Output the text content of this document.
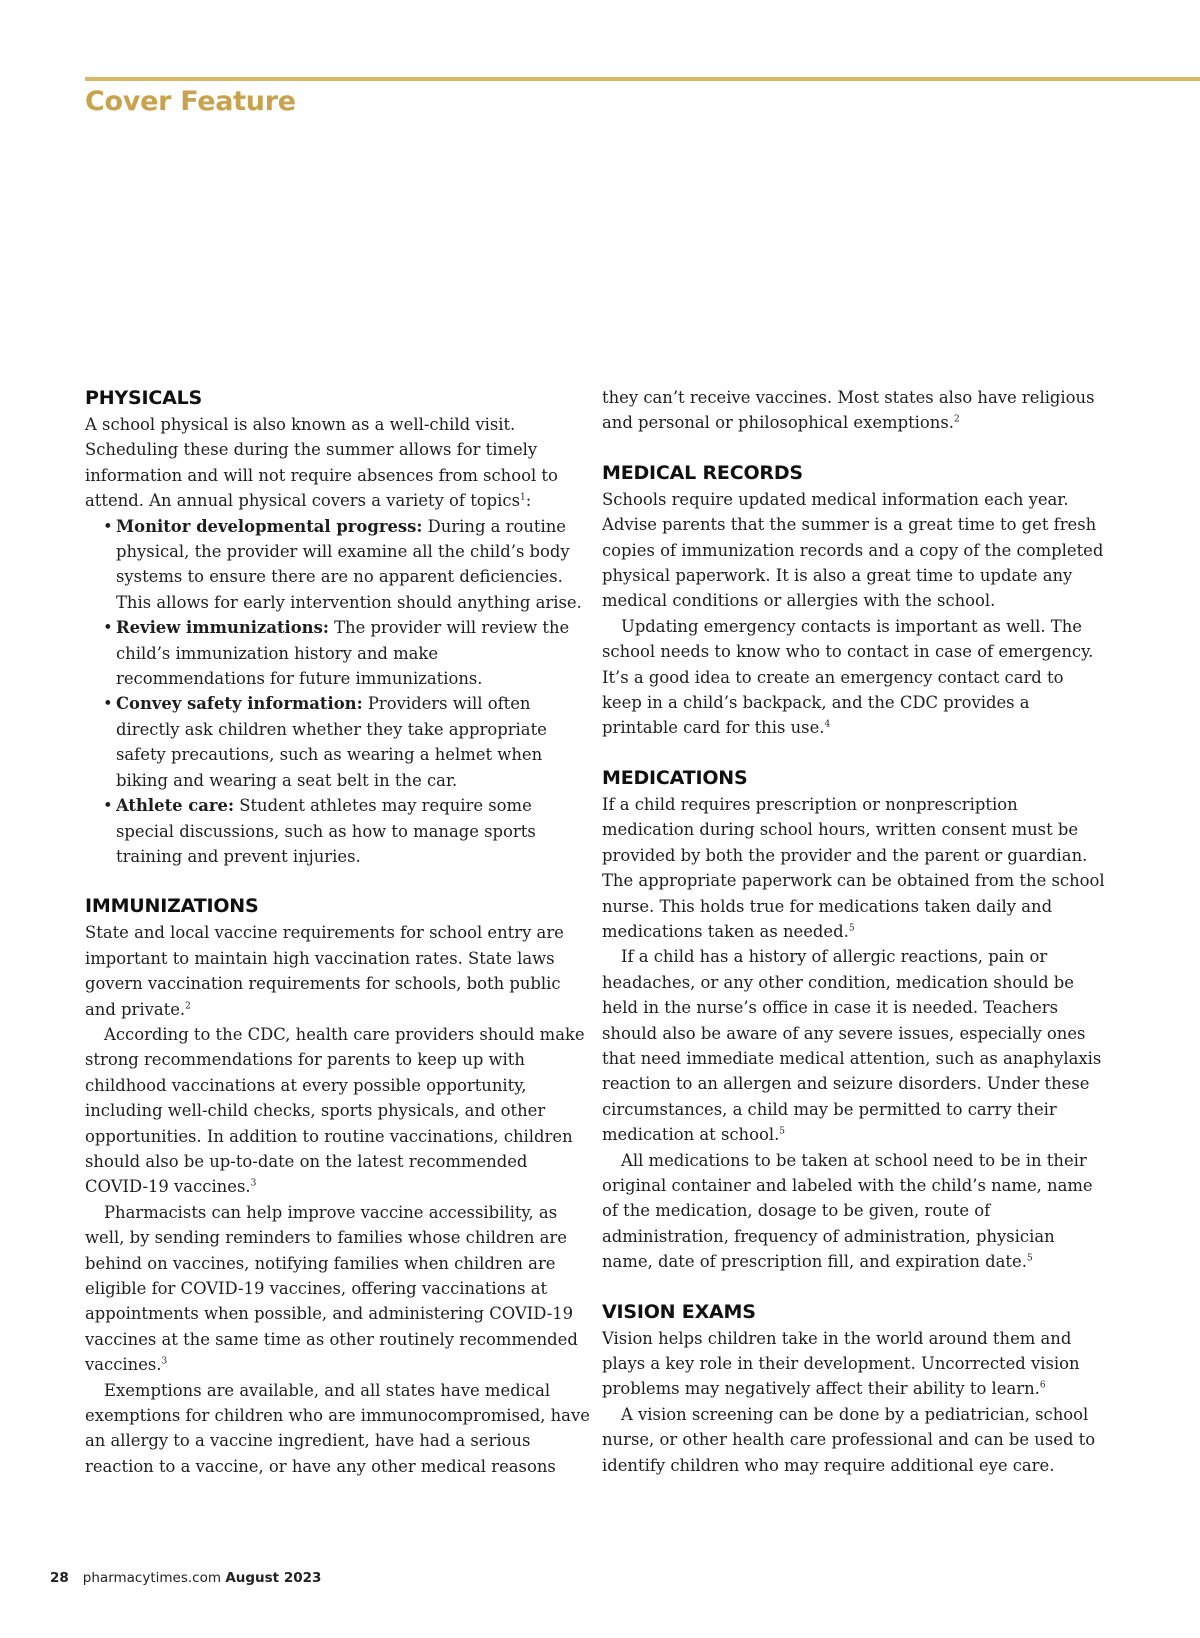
Cover Feature
PHYSICALS

A school physical is also known as a well-child visit. Scheduling these during the summer allows for timely information and will not require absences from school to attend. An annual physical covers a variety of topics$^1$:

• Monitor developmental progress: During a routine physical, the provider will examine all the child’s body systems to ensure there are no apparent deficiencies. This allows for early intervention should anything arise.
• Review immunizations: The provider will review the child’s immunization history and make recommendations for future immunizations.
• Convey safety information: Providers will often directly ask children whether they take appropriate safety precautions, such as wearing a helmet when biking and wearing a seat belt in the car.
• Athlete care: Student athletes may require some special discussions, such as how to manage sports training and prevent injuries.
IMMUNIZATIONS

State and local vaccine requirements for school entry are important to maintain high vaccination rates. State laws govern vaccination requirements for schools, both public and private.$^2$

According to the CDC, health care providers should make strong recommendations for parents to keep up with childhood vaccinations at every possible opportunity, including well-child checks, sports physicals, and other opportunities. In addition to routine vaccinations, children should also be up-to-date on the latest recommended COVID-19 vaccines.$^3$

Pharmacists can help improve vaccine accessibility, as well, by sending reminders to families whose children are behind on vaccines, notifying families when children are eligible for COVID-19 vaccines, offering vaccinations at appointments when possible, and administering COVID-19 vaccines at the same time as other routinely recommended vaccines.$^3$

Exemptions are available, and all states have medical exemptions for children who are immunocompromised, have an allergy to a vaccine ingredient, have had a serious reaction to a vaccine, or have any other medical reasons

they can’t receive vaccines. Most states also have religious and personal or philosophical exemptions.$^2$

MEDICAL RECORDS

Schools require updated medical information each year. Advise parents that the summer is a great time to get fresh copies of immunization records and a copy of the completed physical paperwork. It is also a great time to update any medical conditions or allergies with the school.

Updating emergency contacts is important as well. The school needs to know who to contact in case of emergency. It’s a good idea to create an emergency contact card to keep in a child’s backpack, and the CDC provides a printable card for this use.$^4$

MEDICATIONS

If a child requires prescription or nonprescription medication during school hours, written consent must be provided by both the provider and the parent or guardian. The appropriate paperwork can be obtained from the school nurse. This holds true for medications taken daily and medications taken as needed.$^5$

If a child has a history of allergic reactions, pain or headaches, or any other condition, medication should be held in the nurse’s office in case it is needed. Teachers should also be aware of any severe issues, especially ones that need immediate medical attention, such as anaphylaxis reaction to an allergen and seizure disorders. Under these circumstances, a child may be permitted to carry their medication at school.$^5$

All medications to be taken at school need to be in their original container and labeled with the child’s name, name of the medication, dosage to be given, route of administration, frequency of administration, physician name, date of prescription fill, and expiration date.$^5$

VISION EXAMS

Vision helps children take in the world around them and plays a key role in their development. Uncorrected vision problems may negatively affect their ability to learn.$^6$

A vision screening can be done by a pediatrician, school nurse, or other health care professional and can be used to identify children who may require additional eye care.

28 pharmacytimes.com August 2023
